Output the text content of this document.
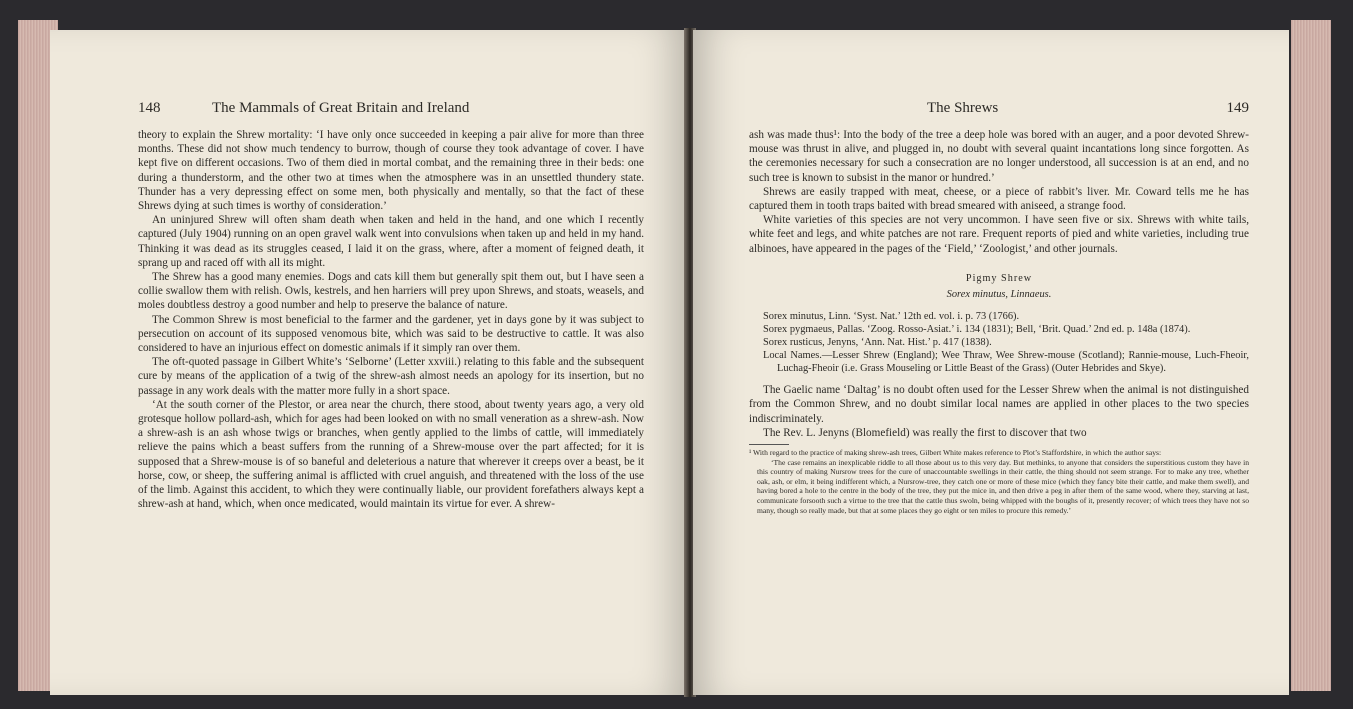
148	The Mammals of Great Britain and Ireland

theory to explain the Shrew mortality: ‘I have only once succeeded in keeping a pair alive for more than three months. These did not show much tendency to burrow, though of course they took advantage of cover. I have kept five on different occasions. Two of them died in mortal combat, and the remaining three in their beds: one during a thunderstorm, and the other two at times when the atmosphere was in an unsettled thundery state. Thunder has a very depressing effect on some men, both physically and mentally, so that the fact of these Shrews dying at such times is worthy of consideration.’

An uninjured Shrew will often sham death when taken and held in the hand, and one which I recently captured (July 1904) running on an open gravel walk went into convulsions when taken up and held in my hand. Thinking it was dead as its struggles ceased, I laid it on the grass, where, after a moment of feigned death, it sprang up and raced off with all its might.

The Shrew has a good many enemies. Dogs and cats kill them but generally spit them out, but I have seen a collie swallow them with relish. Owls, kestrels, and hen harriers will prey upon Shrews, and stoats, weasels, and moles doubtless destroy a good number and help to preserve the balance of nature.

The Common Shrew is most beneficial to the farmer and the gardener, yet in days gone by it was subject to persecution on account of its supposed venomous bite, which was said to be destructive to cattle. It was also considered to have an injurious effect on domestic animals if it simply ran over them.

The oft-quoted passage in Gilbert White’s ‘Selborne’ (Letter xxviii.) relating to this fable and the subsequent cure by means of the application of a twig of the shrew-ash almost needs an apology for its insertion, but no passage in any work deals with the matter more fully in a short space.

‘At the south corner of the Plestor, or area near the church, there stood, about twenty years ago, a very old grotesque hollow pollard-ash, which for ages had been looked on with no small veneration as a shrew-ash. Now a shrew-ash is an ash whose twigs or branches, when gently applied to the limbs of cattle, will immediately relieve the pains which a beast suffers from the running of a Shrew-mouse over the part affected; for it is supposed that a Shrew-mouse is of so baneful and deleterious a nature that wherever it creeps over a beast, be it horse, cow, or sheep, the suffering animal is afflicted with cruel anguish, and threatened with the loss of the use of the limb. Against this accident, to which they were continually liable, our provident forefathers always kept a shrew-ash at hand, which, when once medicated, would maintain its virtue for ever. A shrew-

The Shrews	149

ash was made thus¹: Into the body of the tree a deep hole was bored with an auger, and a poor devoted Shrew-mouse was thrust in alive, and plugged in, no doubt with several quaint incantations long since forgotten. As the ceremonies necessary for such a consecration are no longer understood, all succession is at an end, and no such tree is known to subsist in the manor or hundred.’

Shrews are easily trapped with meat, cheese, or a piece of rabbit’s liver. Mr. Coward tells me he has captured them in tooth traps baited with bread smeared with aniseed, a strange food.

White varieties of this species are not very uncommon. I have seen five or six. Shrews with white tails, white feet and legs, and white patches are not rare. Frequent reports of pied and white varieties, including true albinoes, have appeared in the pages of the ‘Field,’ ‘Zoologist,’ and other journals.

Pigmy Shrew

Sorex minutus, Linnaeus.

Sorex minutus, Linn. ‘Syst. Nat.’ 12th ed. vol. i. p. 73 (1766).

Sorex pygmaeus, Pallas. ‘Zoog. Rosso-Asiat.’ i. 134 (1831); Bell, ‘Brit. Quad.’ 2nd ed. p. 148a (1874).

Sorex rusticus, Jenyns, ‘Ann. Nat. Hist.’ p. 417 (1838).

Local Names.—Lesser Shrew (England); Wee Thraw, Wee Shrew-mouse (Scotland); Rannie-mouse, Luch-Fheoir, Luchag-Fheoir (i.e. Grass Mouseling or Little Beast of the Grass) (Outer Hebrides and Skye).

The Gaelic name ‘Daltag’ is no doubt often used for the Lesser Shrew when the animal is not distinguished from the Common Shrew, and no doubt similar local names are applied in other places to the two species indiscriminately.

The Rev. L. Jenyns (Blomefield) was really the first to discover that two

¹ With regard to the practice of making shrew-ash trees, Gilbert White makes reference to Plot’s Staffordshire, in which the author says:

‘The case remains an inexplicable riddle to all those about us to this very day. But methinks, to anyone that considers the superstitious custom they have in this country of making Nursrow trees for the cure of unaccountable swellings in their cattle, the thing should not seem strange. For to make any tree, whether oak, ash, or elm, it being indifferent which, a Nursrow-tree, they catch one or more of these mice (which they fancy bite their cattle, and make them swell), and having bored a hole to the centre in the body of the tree, they put the mice in, and then drive a peg in after them of the same wood, where they, starving at last, communicate forsooth such a virtue to the tree that the cattle thus swoln, being whipped with the boughs of it, presently recover; of which trees they have not so many, though so really made, but that at some places they go eight or ten miles to procure this remedy.’
